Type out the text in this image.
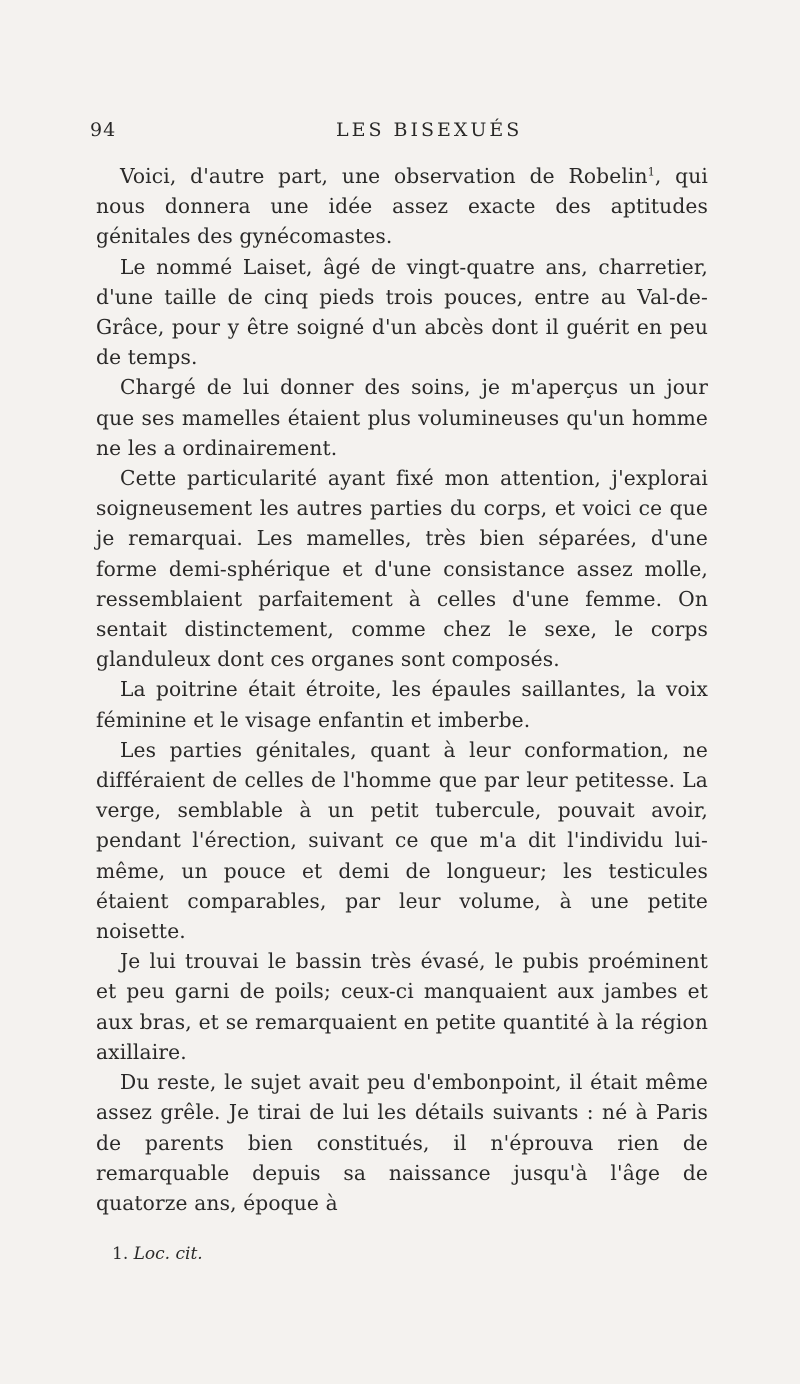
94	LES BISEXUÉS

Voici, d'autre part, une observation de Robelin$^1$, qui nous donnera une idée assez exacte des aptitudes génitales des gynécomastes.

Le nommé Laiset, âgé de vingt-quatre ans, charretier, d'une taille de cinq pieds trois pouces, entre au Val-de-Grâce, pour y être soigné d'un abcès dont il guérit en peu de temps.

Chargé de lui donner des soins, je m'aperçus un jour que ses mamelles étaient plus volumineuses qu'un homme ne les a ordinairement.

Cette particularité ayant fixé mon attention, j'explorai soigneusement les autres parties du corps, et voici ce que je remarquai. Les mamelles, très bien séparées, d'une forme demi-sphérique et d'une consistance assez molle, ressemblaient parfaitement à celles d'une femme. On sentait distinctement, comme chez le sexe, le corps glanduleux dont ces organes sont composés.

La poitrine était étroite, les épaules saillantes, la voix féminine et le visage enfantin et imberbe.

Les parties génitales, quant à leur conformation, ne différaient de celles de l'homme que par leur petitesse. La verge, semblable à un petit tubercule, pouvait avoir, pendant l'érection, suivant ce que m'a dit l'individu lui-même, un pouce et demi de longueur; les testicules étaient comparables, par leur volume, à une petite noisette.

Je lui trouvai le bassin très évasé, le pubis proéminent et peu garni de poils; ceux-ci manquaient aux jambes et aux bras, et se remarquaient en petite quantité à la région axillaire.

Du reste, le sujet avait peu d'embonpoint, il était même assez grêle. Je tirai de lui les détails suivants : né à Paris de parents bien constitués, il n'éprouva rien de remarquable depuis sa naissance jusqu'à l'âge de quatorze ans, époque à

1. Loc. cit.
